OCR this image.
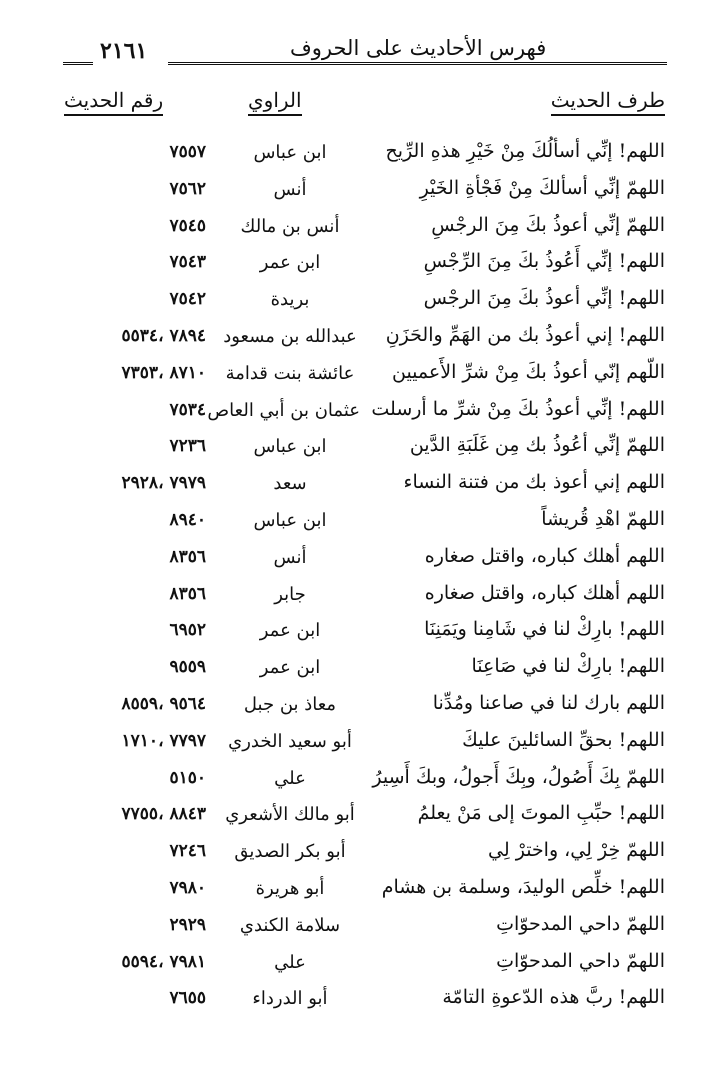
٢١٦١	فهرس الأحاديث على الحروف
طرف الحديث
الراوي
رقم الحديث
اللهم! إنِّي أسألُكَ مِنْ خَيْرِ هذهِ الرِّيح
ابن عباس
٧٥٥٧
اللهمّ إنِّي أسألكَ مِنْ فَجْأةِ الخَيْرِ
أنس
٧٥٦٢
اللهمّ إنِّي أعوذُ بكَ مِنَ الرجْسِ
أنس بن مالك
٧٥٤٥
اللهم! إنِّي أَعُوذُ بكَ مِنَ الرِّجْسِ
ابن عمر
٧٥٤٣
اللهم! إنِّي أعوذُ بكَ مِنَ الرجْس
بريدة
٧٥٤٢
اللهم! إني أعوذُ بك من الهَمِّ والحَزَنِ
عبدالله بن مسعود
٧٨٩٤ ،٥٥٣٤
اللّهم إنّي أعوذُ بكَ مِنْ شرِّ الأَعميين
عائشة بنت قدامة
٨٧١٠ ،٧٣٥٣
اللهم! إنِّي أعوذُ بكَ مِنْ شرِّ ما أرسلت
عثمان بن أبي العاص
٧٥٣٤
اللهمّ إنِّي أعُوذُ بك مِن غَلَبَةِ الدَّين
ابن عباس
٧٢٣٦
اللهم إني أعوذ بك من فتنة النساء
سعد
٧٩٧٩ ،٢٩٢٨
اللهمّ اهْدِ قُريشاً
ابن عباس
٨٩٤٠
اللهم أهلك كباره، واقتل صغاره
أنس
٨٣٥٦
اللهم أهلك كباره، واقتل صغاره
جابر
٨٣٥٦
اللهم! بارِكْ لنا في شَامِنا ويَمَنِنَا
ابن عمر
٦٩٥٢
اللهم! بارِكْ لنا في صَاعِنَا
ابن عمر
٩٥٥٩
اللهم بارك لنا في صاعنا ومُدِّنا
معاذ بن جبل
٩٥٦٤ ،٨٥٥٩
اللهم! بحقِّ السائلينَ عليكَ
أبو سعيد الخدري
٧٧٩٧ ،١٧١٠
اللهمّ بِكَ أَصُولُ، وبِكَ أَجولُ، وبكَ أَسِيرُ
علي
٥١٥٠
اللهم! حبِّبِ الموتَ إلى مَنْ يعلمُ
أبو مالك الأشعري
٨٨٤٣ ،٧٧٥٥
اللهمّ خِرْ لِي، واخترْ لِي
أبو بكر الصديق
٧٢٤٦
اللهم! خلِّص الوليدَ، وسلمة بن هشام
أبو هريرة
٧٩٨٠
اللهمّ داحي المدحوّاتِ
سلامة الكندي
٢٩٢٩
اللهمّ داحي المدحوّاتِ
علي
٧٩٨١ ،٥٥٩٤
اللهم! ربَّ هذه الدّعوةِ التامّة
أبو الدرداء
٧٦٥٥
